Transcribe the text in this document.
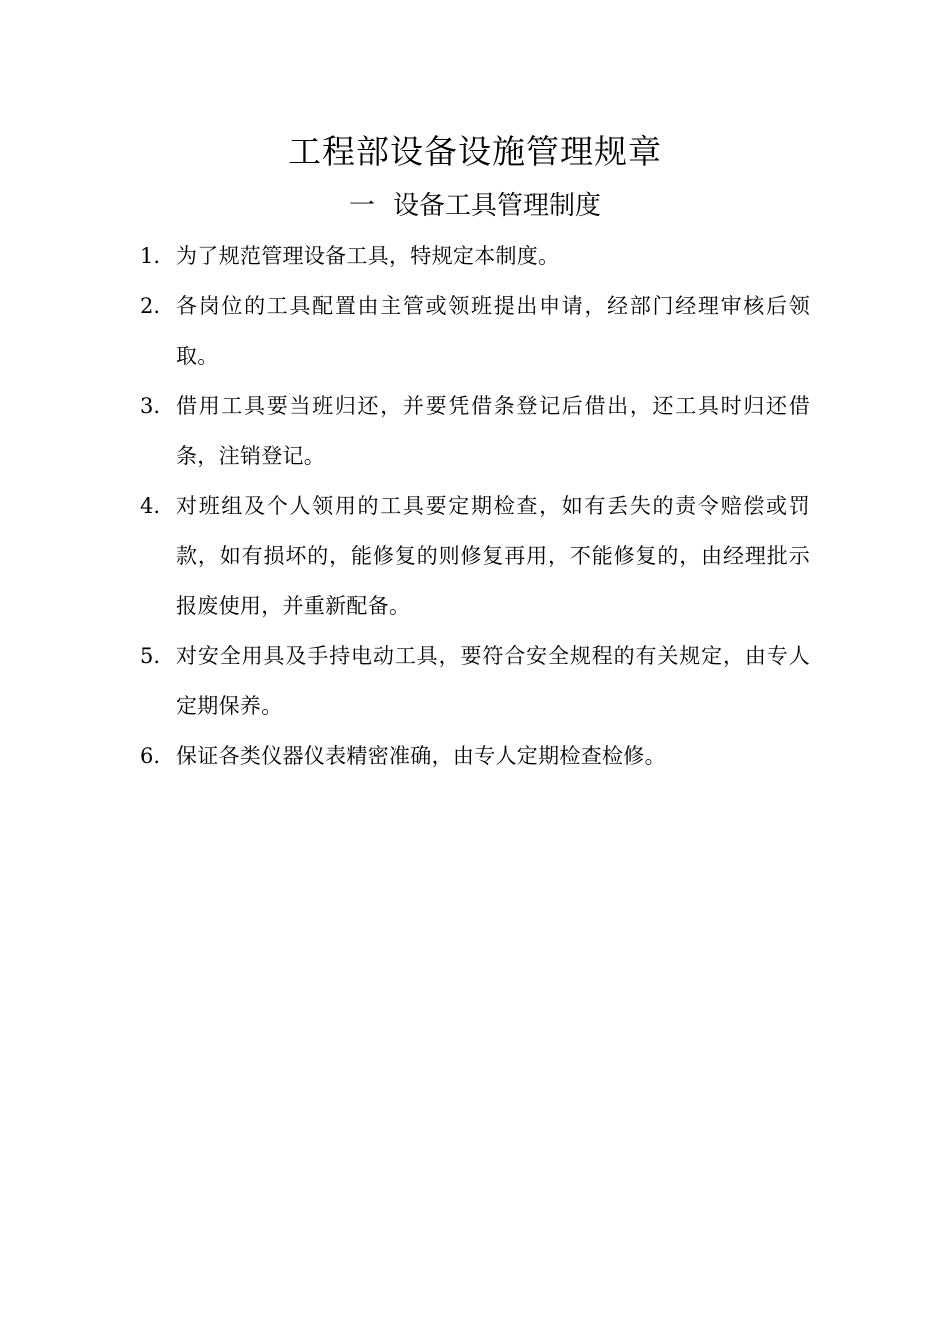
工程部设备设施管理规章
一 设备工具管理制度
1. 为了规范管理设备工具，特规定本制度。
2. 各岗位的工具配置由主管或领班提出申请，经部门经理审核后领取。
3. 借用工具要当班归还，并要凭借条登记后借出，还工具时归还借条，注销登记。
4. 对班组及个人领用的工具要定期检查，如有丢失的责令赔偿或罚款，如有损坏的，能修复的则修复再用，不能修复的，由经理批示报废使用，并重新配备。
5. 对安全用具及手持电动工具，要符合安全规程的有关规定，由专人定期保养。
6. 保证各类仪器仪表精密准确，由专人定期检查检修。
